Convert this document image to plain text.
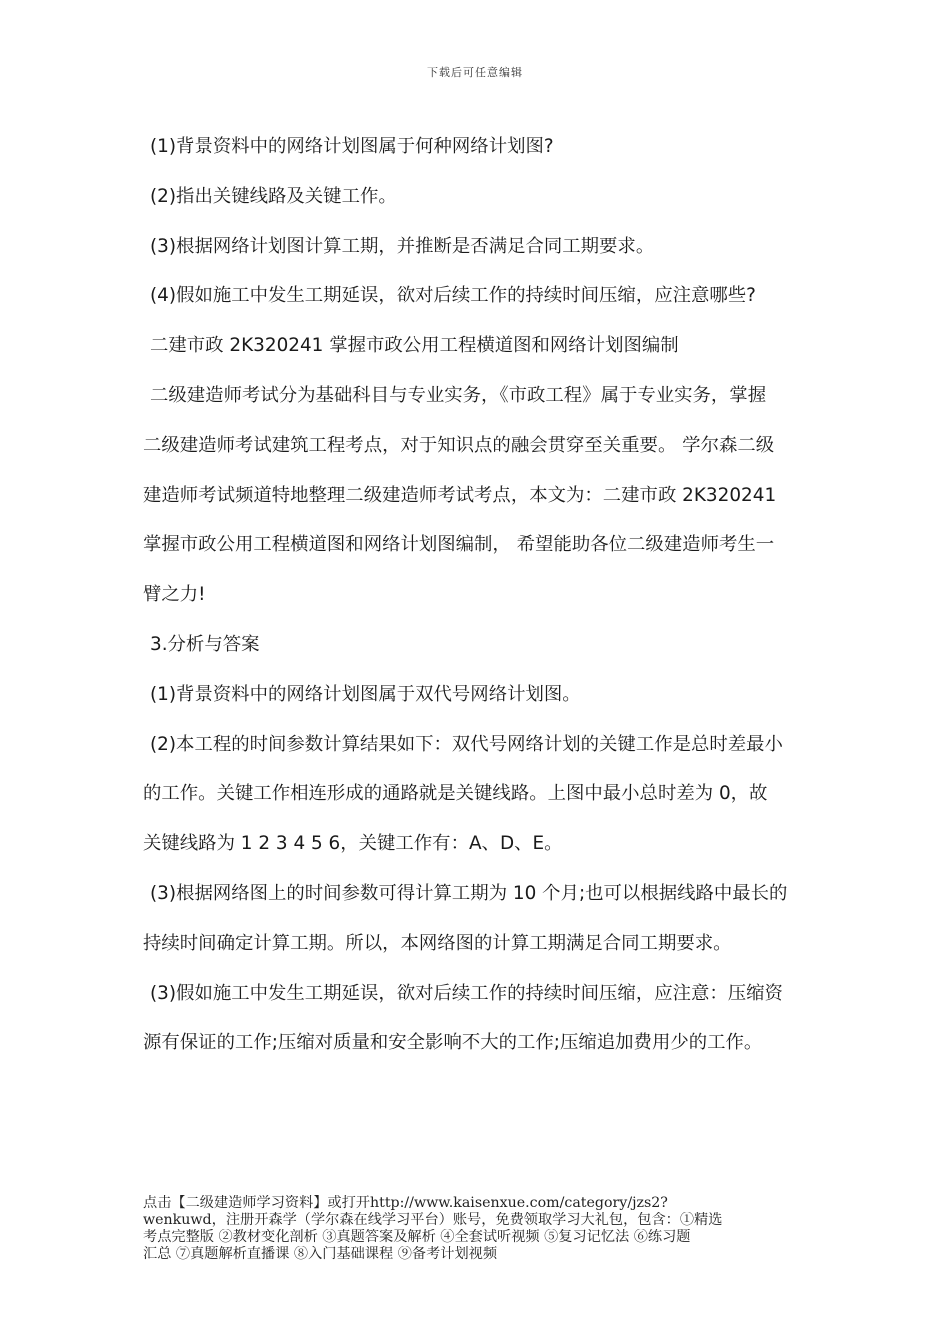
下载后可任意编辑
(1)背景资料中的网络计划图属于何种网络计划图?
(2)指出关键线路及关键工作。
(3)根据网络计划图计算工期，并推断是否满足合同工期要求。
(4)假如施工中发生工期延误，欲对后续工作的持续时间压缩，应注意哪些?
二建市政 2K320241 掌握市政公用工程横道图和网络计划图编制
二级建造师考试分为基础科目与专业实务，《市政工程》属于专业实务，掌握
二级建造师考试建筑工程考点，对于知识点的融会贯穿至关重要。 学尔森二级
建造师考试频道特地整理二级建造师考试考点，本文为：二建市政 2K320241
掌握市政公用工程横道图和网络计划图编制， 希望能助各位二级建造师考生一
臂之力!
3.分析与答案
(1)背景资料中的网络计划图属于双代号网络计划图。
(2)本工程的时间参数计算结果如下：双代号网络计划的关键工作是总时差最小
的工作。关键工作相连形成的通路就是关键线路。上图中最小总时差为 0，故
关键线路为 1 2 3 4 5 6，关键工作有：A、D、E。
(3)根据网络图上的时间参数可得计算工期为 10 个月;也可以根据线路中最长的
持续时间确定计算工期。所以，本网络图的计算工期满足合同工期要求。
(3)假如施工中发生工期延误，欲对后续工作的持续时间压缩，应注意：压缩资
源有保证的工作;压缩对质量和安全影响不大的工作;压缩追加费用少的工作。
点击【二级建造师学习资料】或打开http://www.kaisenxue.com/category/jzs2?
wenkuwd，注册开森学（学尔森在线学习平台）账号，免费领取学习大礼包，包含：①精选
考点完整版 ②教材变化剖析 ③真题答案及解析 ④全套试听视频 ⑤复习记忆法 ⑥练习题
汇总 ⑦真题解析直播课 ⑧入门基础课程 ⑨备考计划视频
